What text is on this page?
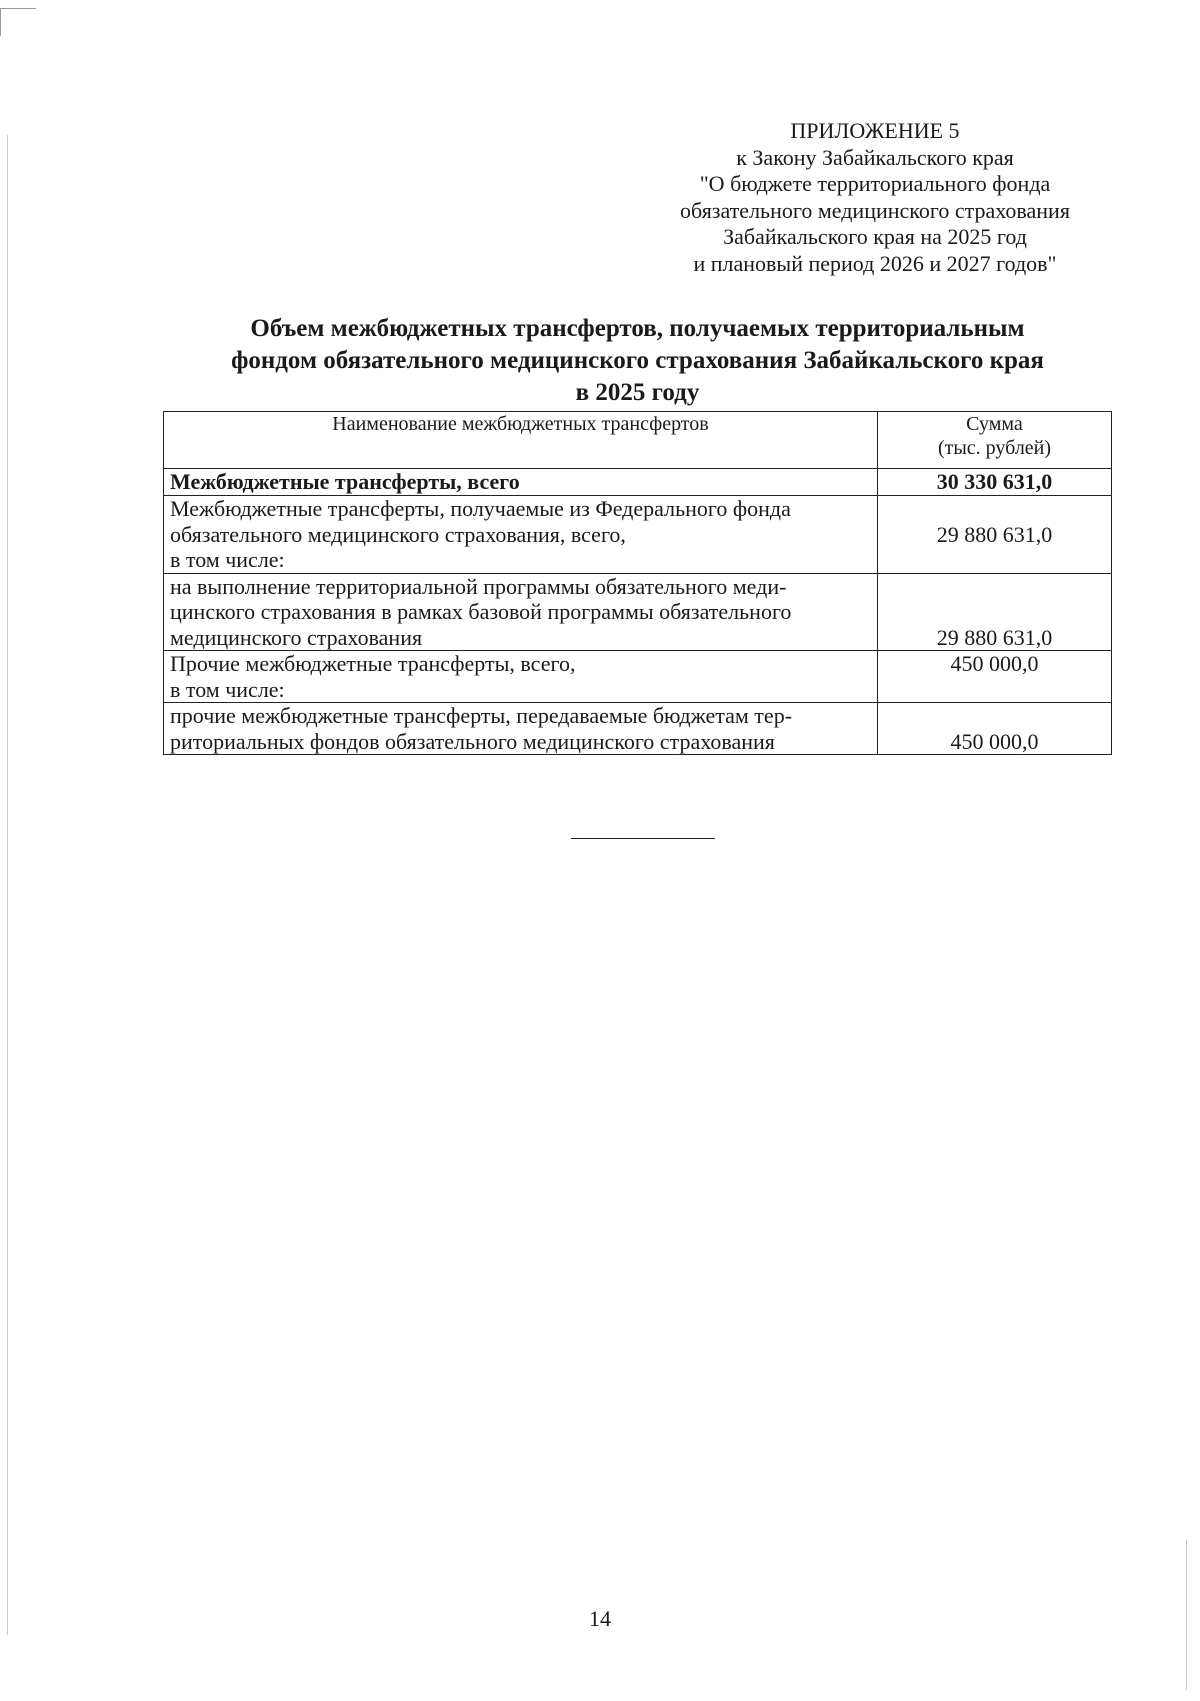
ПРИЛОЖЕНИЕ 5
к Закону Забайкальского края
"О бюджете территориального фонда
обязательного медицинского страхования
Забайкальского края на 2025 год
и плановый период 2026 и 2027 годов"
Объем межбюджетных трансфертов, получаемых территориальным
фондом обязательного медицинского страхования Забайкальского края
в 2025 году
Наименование межбюджетных трансфертов	Сумма
(тыс. рублей)

Межбюджетные трансферты, всего	30 330 631,0

Межбюджетные трансферты, получаемые из Федерального фонда
обязательного медицинского страхования, всего,
в том числе:	29 880 631,0

на выполнение территориальной программы обязательного меди-
цинского страхования в рамках базовой программы обязательного
медицинского страхования	29 880 631,0

Прочие межбюджетные трансферты, всего,
в том числе:	450 000,0

прочие межбюджетные трансферты, передаваемые бюджетам тер-
риториальных фондов обязательного медицинского страхования	450 000,0
14
